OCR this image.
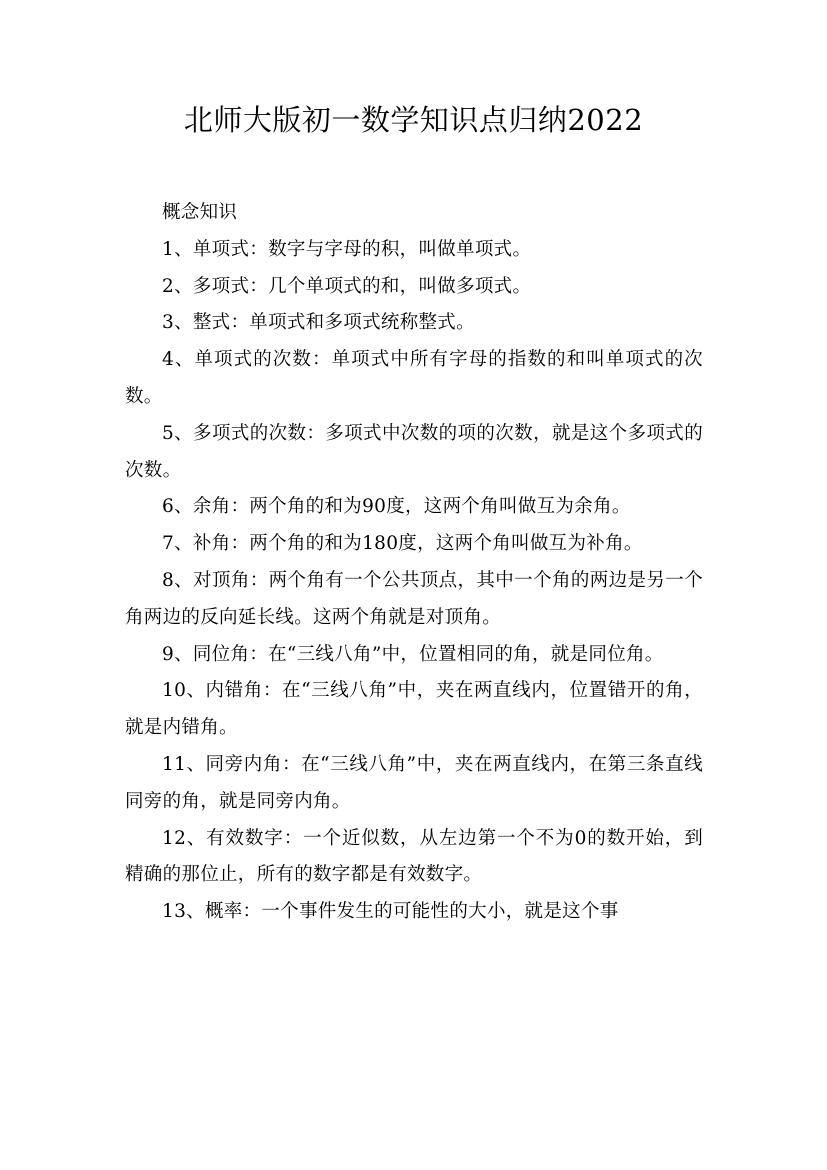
北师大版初一数学知识点归纳2022

概念知识

1、单项式：数字与字母的积，叫做单项式。

2、多项式：几个单项式的和，叫做多项式。

3、整式：单项式和多项式统称整式。

4、单项式的次数：单项式中所有字母的指数的和叫单项式的次数。

5、多项式的次数：多项式中次数的项的次数，就是这个多项式的次数。

6、余角：两个角的和为90度，这两个角叫做互为余角。

7、补角：两个角的和为180度，这两个角叫做互为补角。

8、对顶角：两个角有一个公共顶点，其中一个角的两边是另一个角两边的反向延长线。这两个角就是对顶角。

9、同位角：在“三线八角”中，位置相同的角，就是同位角。

10、内错角：在“三线八角”中，夹在两直线内，位置错开的角，就是内错角。

11、同旁内角：在“三线八角”中，夹在两直线内，在第三条直线同旁的角，就是同旁内角。

12、有效数字：一个近似数，从左边第一个不为0的数开始，到精确的那位止，所有的数字都是有效数字。

13、概率：一个事件发生的可能性的大小，就是这个事
